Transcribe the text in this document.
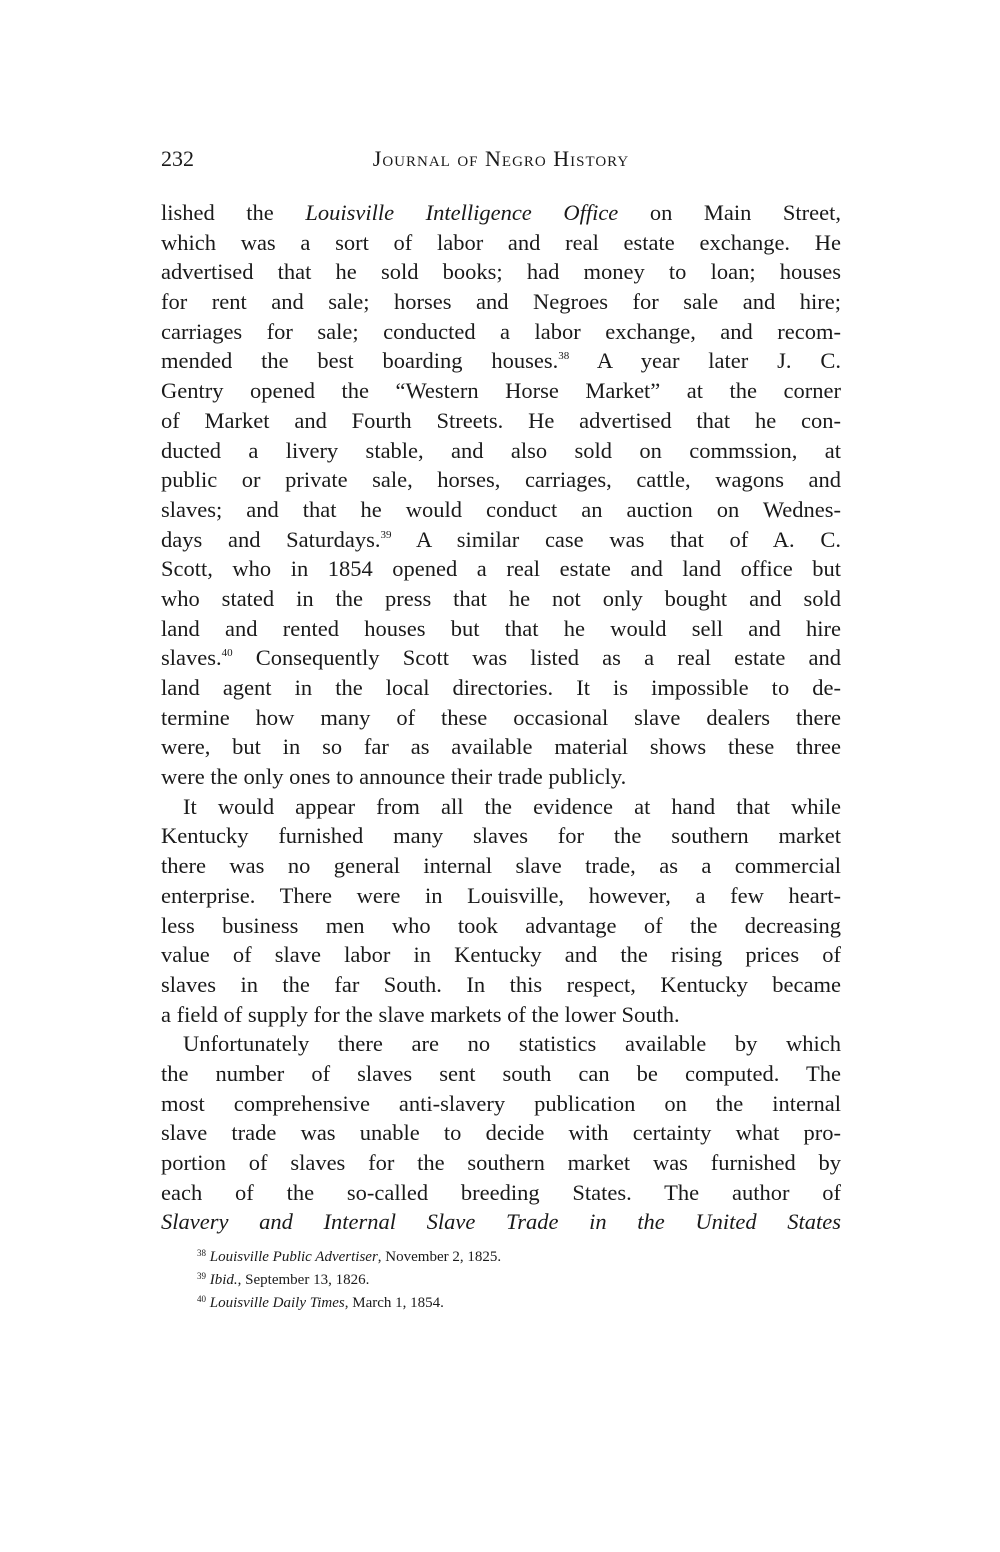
232	Journal of Negro History
lished the Louisville Intelligence Office on Main Street,
which was a sort of labor and real estate exchange. He
advertised that he sold books; had money to loan; houses
for rent and sale; horses and Negroes for sale and hire;
carriages for sale; conducted a labor exchange, and recom-
mended the best boarding houses.$^{38}$ A year later J. C.
Gentry opened the “Western Horse Market” at the corner
of Market and Fourth Streets. He advertised that he con-
ducted a livery stable, and also sold on commssion, at
public or private sale, horses, carriages, cattle, wagons and
slaves; and that he would conduct an auction on Wednes-
days and Saturdays.$^{39}$ A similar case was that of A. C.
Scott, who in 1854 opened a real estate and land office but
who stated in the press that he not only bought and sold
land and rented houses but that he would sell and hire
slaves.$^{40}$ Consequently Scott was listed as a real estate and
land agent in the local directories. It is impossible to de-
termine how many of these occasional slave dealers there
were, but in so far as available material shows these three
were the only ones to announce their trade publicly.
It would appear from all the evidence at hand that while
Kentucky furnished many slaves for the southern market
there was no general internal slave trade, as a commercial
enterprise. There were in Louisville, however, a few heart-
less business men who took advantage of the decreasing
value of slave labor in Kentucky and the rising prices of
slaves in the far South. In this respect, Kentucky became
a field of supply for the slave markets of the lower South.
Unfortunately there are no statistics available by which
the number of slaves sent south can be computed. The
most comprehensive anti-slavery publication on the internal
slave trade was unable to decide with certainty what pro-
portion of slaves for the southern market was furnished by
each of the so-called breeding States. The author of
Slavery and Internal Slave Trade in the United States
$^{38}$ Louisville Public Advertiser, November 2, 1825.
$^{39}$ Ibid., September 13, 1826.
$^{40}$ Louisville Daily Times, March 1, 1854.
